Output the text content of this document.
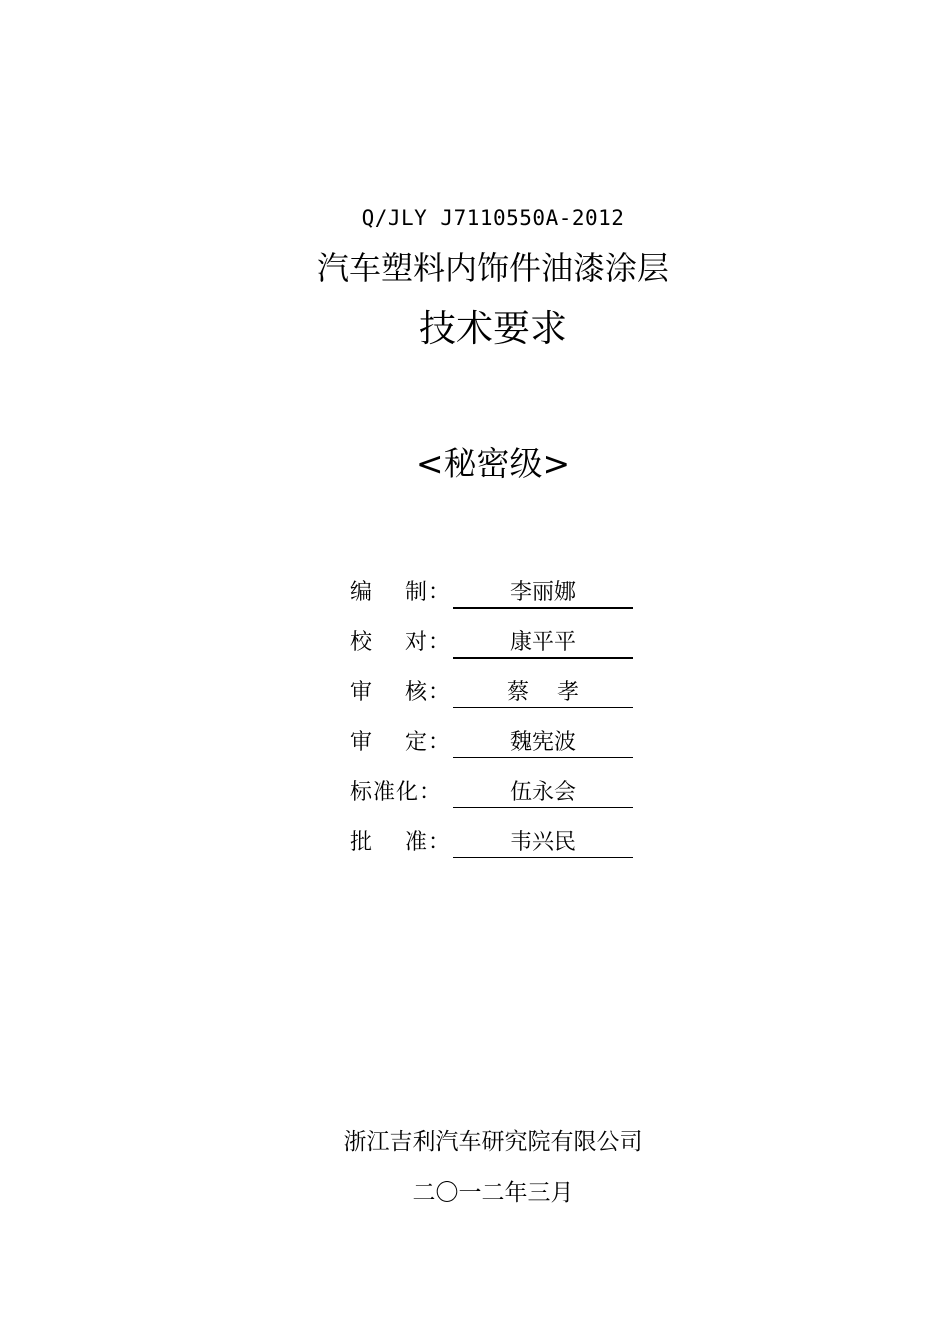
Q/JLY J7110550A-2012
汽车塑料内饰件油漆涂层
技术要求
<秘密级>
编    制：	李丽娜
校    对：	康平平
审    核：	蔡    孝
审    定：	魏宪波
标准化：	伍永会
批    准：	韦兴民
浙江吉利汽车研究院有限公司
二〇一二年三月
